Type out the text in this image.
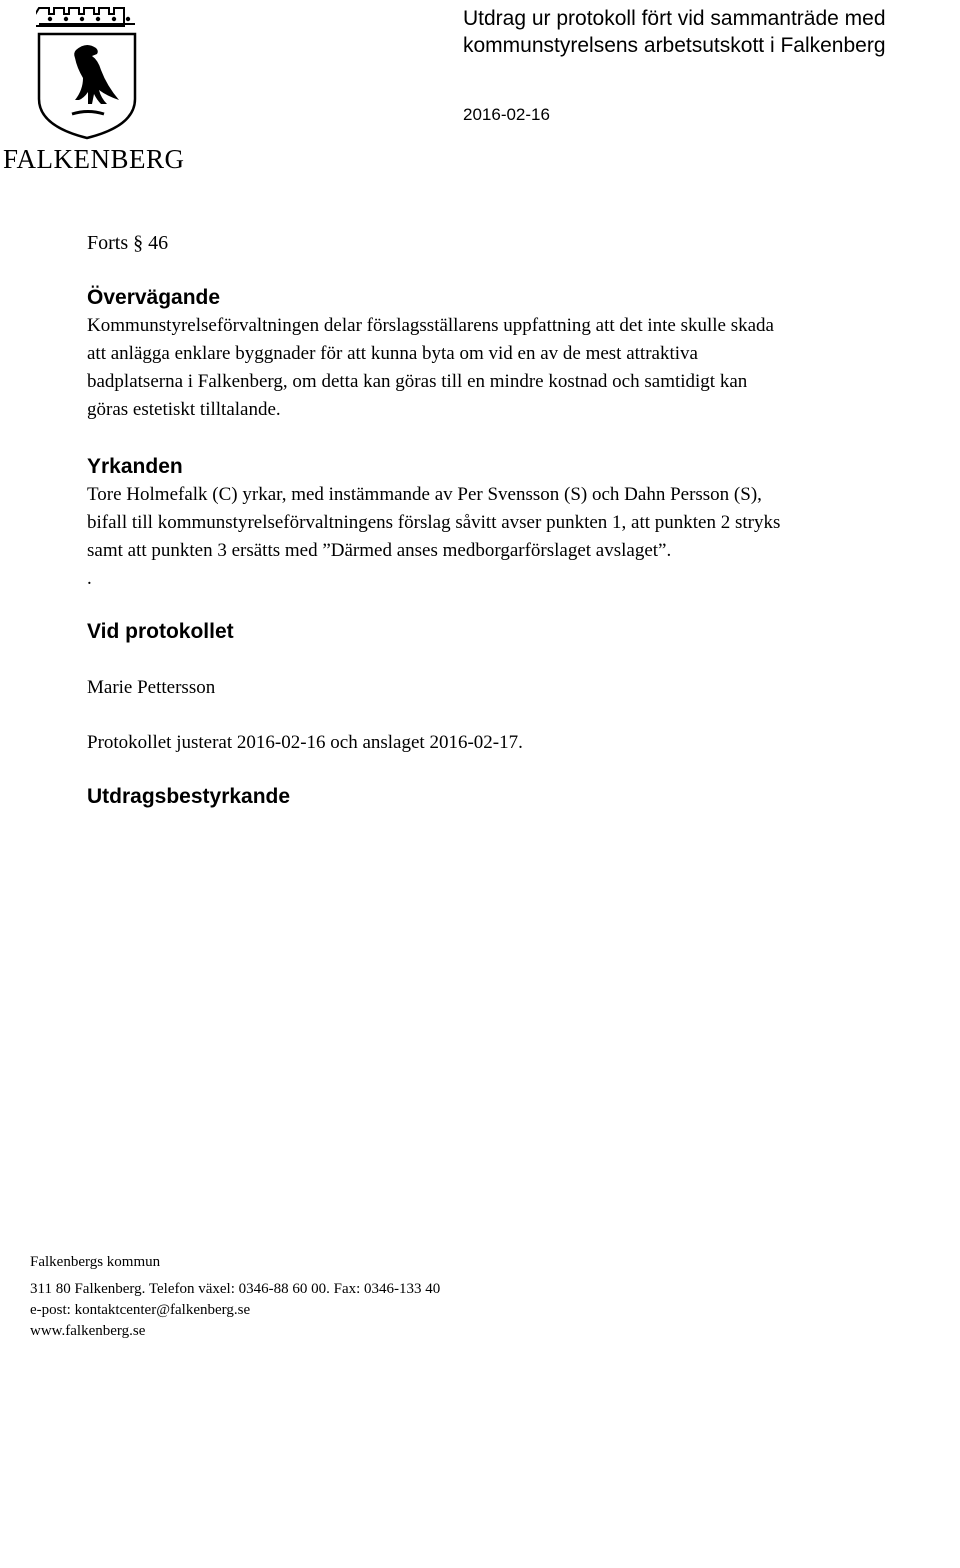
FALKENBERG
Utdrag ur protokoll fört vid sammanträde med
kommunstyrelsens arbetsutskott i Falkenberg
2016-02-16
Forts § 46
Övervägande
Kommunstyrelseförvaltningen delar förslagsställarens uppfattning att det inte skulle skada
att anlägga enklare byggnader för att kunna byta om vid en av de mest attraktiva
badplatserna i Falkenberg, om detta kan göras till en mindre kostnad och samtidigt kan
göras estetiskt tilltalande.
Yrkanden
Tore Holmefalk (C) yrkar, med instämmande av Per Svensson (S) och Dahn Persson (S),
bifall till kommunstyrelseförvaltningens förslag såvitt avser punkten 1, att punkten 2 stryks
samt att punkten 3 ersätts med ”Därmed anses medborgarförslaget avslaget”.
.
Vid protokollet
Marie Pettersson
Protokollet justerat 2016-02-16 och anslaget 2016-02-17.
Utdragsbestyrkande
Falkenbergs kommun
311 80 Falkenberg. Telefon växel: 0346-88 60 00. Fax: 0346-133 40
e-post: kontaktcenter@falkenberg.se
www.falkenberg.se
